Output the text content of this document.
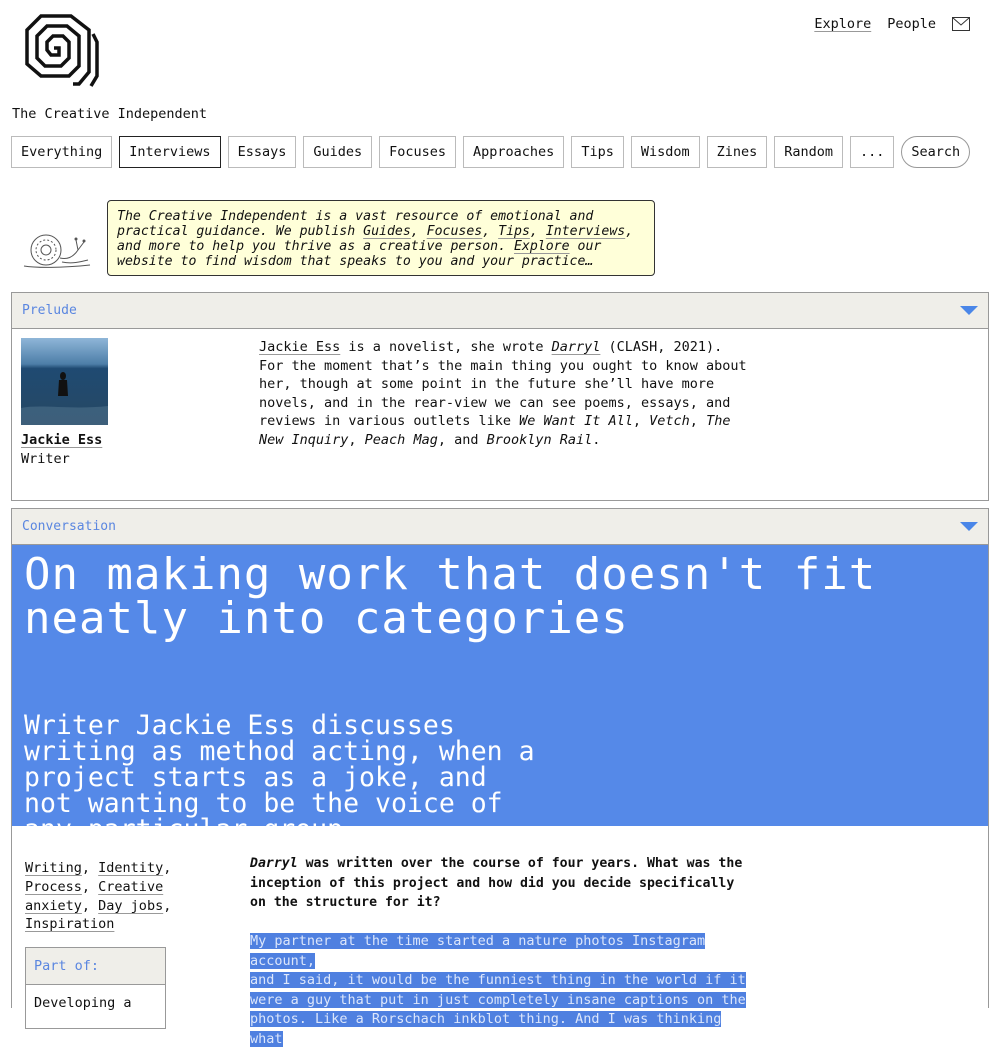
The Creative Independent
Explore People
Everything	Interviews	Essays	Guides	Focuses	Approaches	Tips	Wisdom	Zines	Random	...	Search
The Creative Independent is a vast resource of emotional and practical guidance. We publish Guides, Focuses, Tips, Interviews, and more to help you thrive as a creative person. Explore our website to find wisdom that speaks to you and your practice…
Prelude
Jackie Ess
Writer
Jackie Ess is a novelist, she wrote Darryl (CLASH, 2021). For the moment that’s the main thing you ought to know about her, though at some point in the future she’ll have more novels, and in the rear-view we can see poems, essays, and reviews in various outlets like We Want It All, Vetch, The New Inquiry, Peach Mag, and Brooklyn Rail.
Conversation
On making work that doesn't fit neatly into categories
Writer Jackie Ess discusses writing as method acting, when a project starts as a joke, and not wanting to be the voice of any particular group.
Writing, Identity, Process, Creative anxiety, Day jobs, Inspiration
Part of:
Developing a
Darryl was written over the course of four years. What was the inception of this project and how did you decide specifically on the structure for it?
My partner at the time started a nature photos Instagram account,
and I said, it would be the funniest thing in the world if it
were a guy that put in just completely insane captions on the
photos. Like a Rorschach inkblot thing. And I was thinking what
